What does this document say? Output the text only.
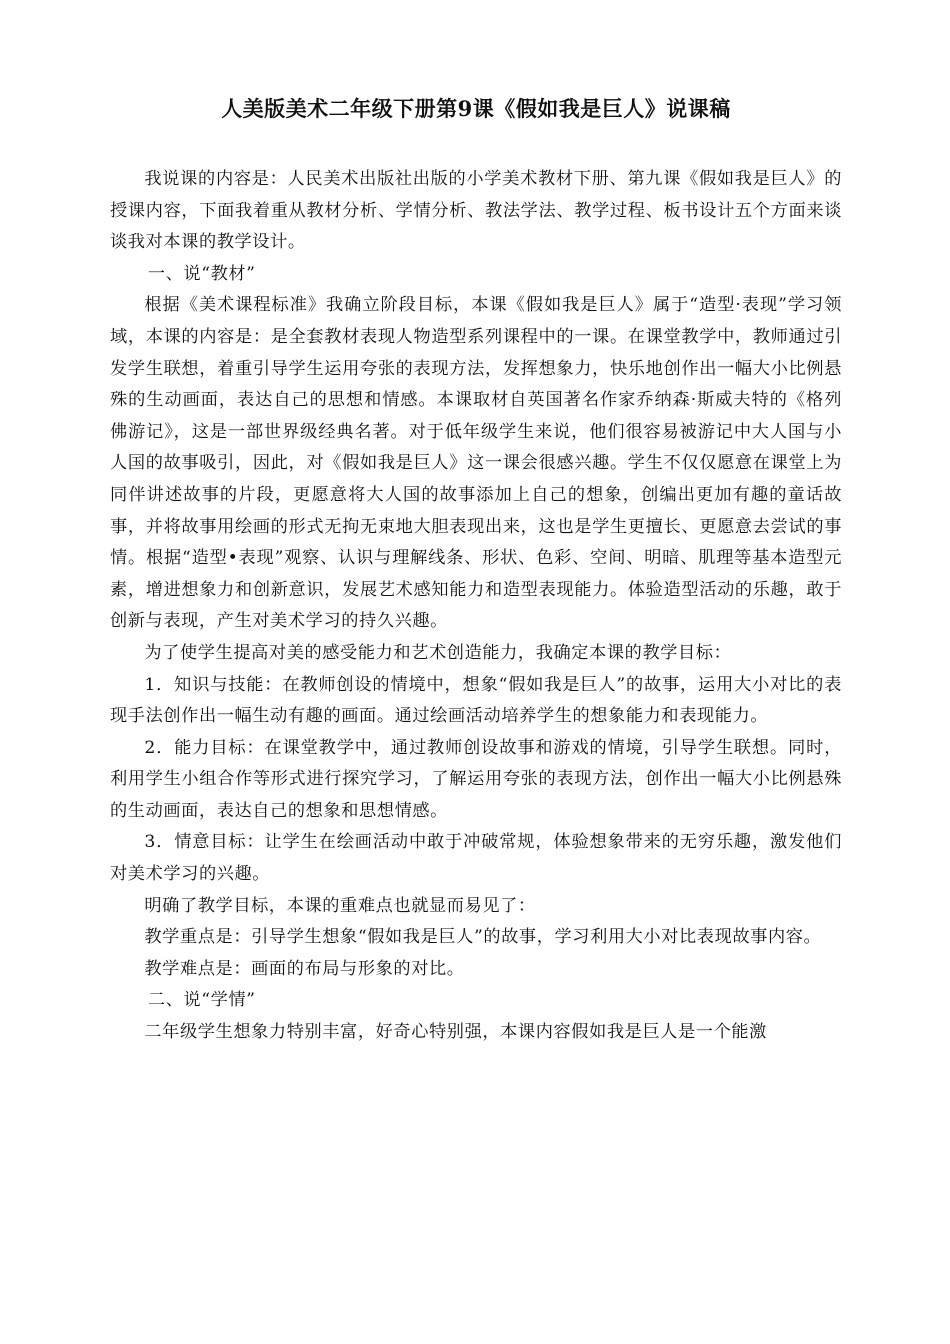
人美版美术二年级下册第9课《假如我是巨人》说课稿

我说课的内容是：人民美术出版社出版的小学美术教材下册、第九课《假如我是巨人》的授课内容，下面我着重从教材分析、学情分析、教法学法、教学过程、板书设计五个方面来谈谈我对本课的教学设计。

一、说“教材”

根据《美术课程标准》我确立阶段目标，本课《假如我是巨人》属于“造型·表现”学习领域，本课的内容是：是全套教材表现人物造型系列课程中的一课。在课堂教学中，教师通过引发学生联想，着重引导学生运用夸张的表现方法，发挥想象力，快乐地创作出一幅大小比例悬殊的生动画面，表达自己的思想和情感。本课取材自英国著名作家乔纳森·斯威夫特的《格列佛游记》，这是一部世界级经典名著。对于低年级学生来说，他们很容易被游记中大人国与小人国的故事吸引，因此，对《假如我是巨人》这一课会很感兴趣。学生不仅仅愿意在课堂上为同伴讲述故事的片段，更愿意将大人国的故事添加上自己的想象，创编出更加有趣的童话故事，并将故事用绘画的形式无拘无束地大胆表现出来，这也是学生更擅长、更愿意去尝试的事情。根据“造型•表现”观察、认识与理解线条、形状、色彩、空间、明暗、肌理等基本造型元素，增进想象力和创新意识，发展艺术感知能力和造型表现能力。体验造型活动的乐趣，敢于创新与表现，产生对美术学习的持久兴趣。

为了使学生提高对美的感受能力和艺术创造能力，我确定本课的教学目标：

1．知识与技能：在教师创设的情境中，想象“假如我是巨人”的故事，运用大小对比的表现手法创作出一幅生动有趣的画面。通过绘画活动培养学生的想象能力和表现能力。

2．能力目标：在课堂教学中，通过教师创设故事和游戏的情境，引导学生联想。同时，利用学生小组合作等形式进行探究学习，了解运用夸张的表现方法，创作出一幅大小比例悬殊的生动画面，表达自己的想象和思想情感。

3．情意目标：让学生在绘画活动中敢于冲破常规，体验想象带来的无穷乐趣，激发他们对美术学习的兴趣。

明确了教学目标，本课的重难点也就显而易见了：

教学重点是：引导学生想象“假如我是巨人”的故事，学习利用大小对比表现故事内容。

教学难点是：画面的布局与形象的对比。

二、说“学情”

二年级学生想象力特别丰富，好奇心特别强，本课内容假如我是巨人是一个能激
